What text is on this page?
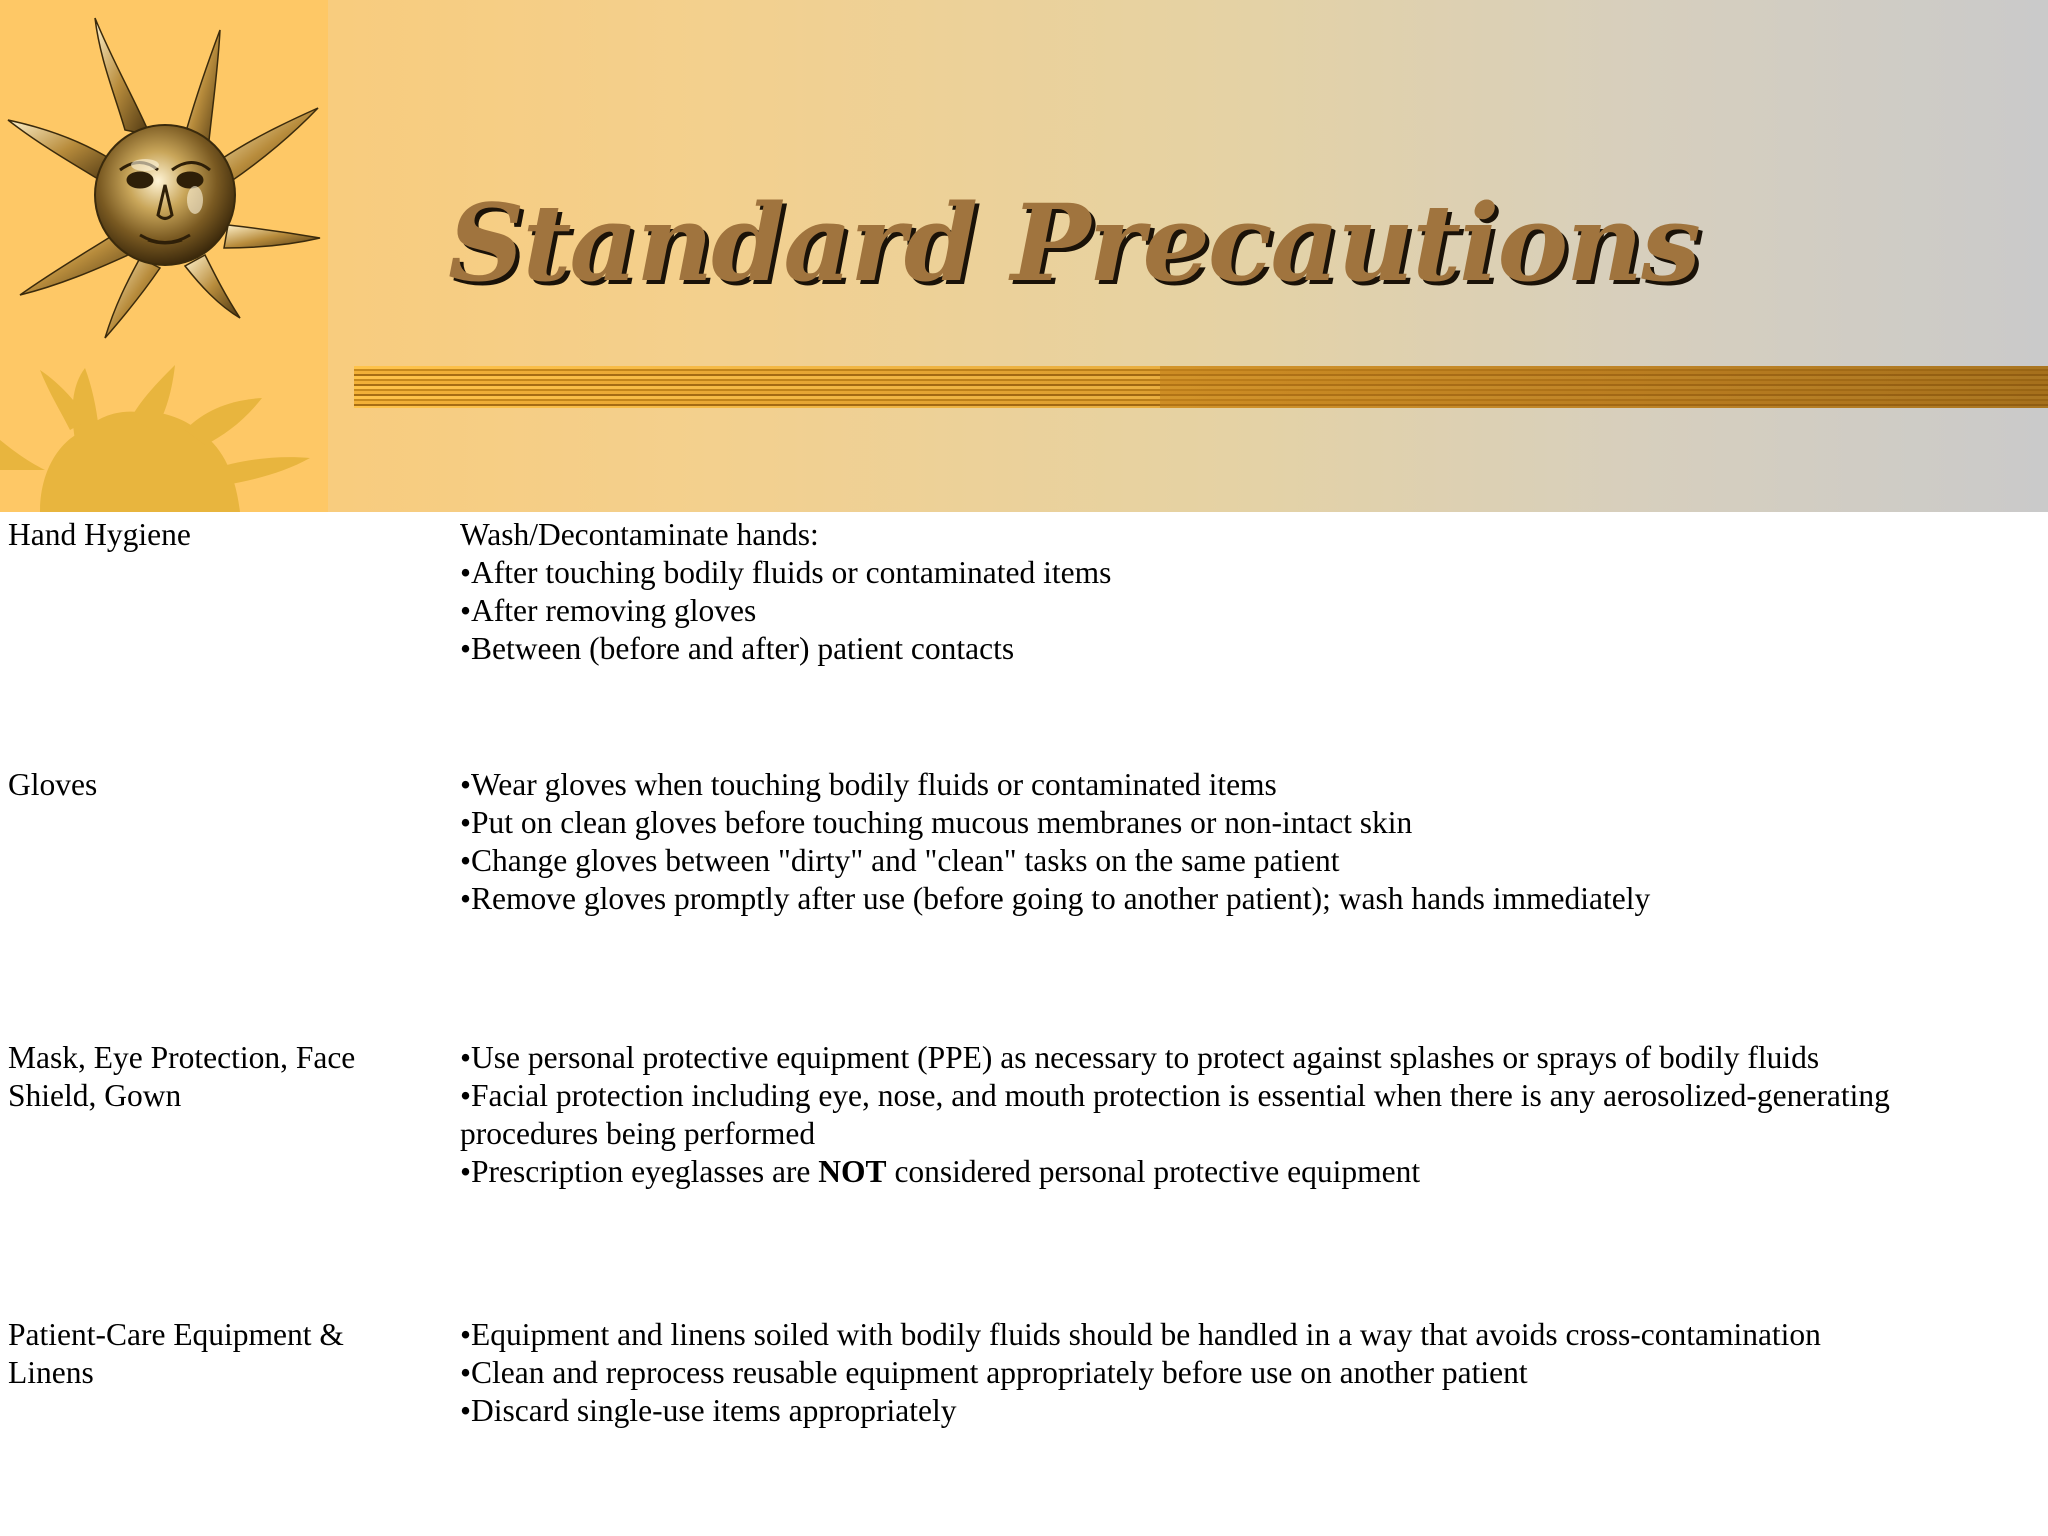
Standard Precautions
Hand Hygiene	Wash/Decontaminate hands:
•After touching bodily fluids or contaminated items
•After removing gloves
•Between (before and after) patient contacts
Gloves	•Wear gloves when touching bodily fluids or contaminated items
•Put on clean gloves before touching mucous membranes or non-intact skin
•Change gloves between "dirty" and "clean" tasks on the same patient
•Remove gloves promptly after use (before going to another patient); wash hands immediately
Mask, Eye Protection, Face
Shield, Gown
•Use personal protective equipment (PPE) as necessary to protect against splashes or sprays of bodily fluids
•Facial protection including eye, nose, and mouth protection is essential when there is any aerosolized-generating
procedures being performed
•Prescription eyeglasses are NOT considered personal protective equipment
Patient-Care Equipment &
Linens
•Equipment and linens soiled with bodily fluids should be handled in a way that avoids cross-contamination
•Clean and reprocess reusable equipment appropriately before use on another patient
•Discard single-use items appropriately
